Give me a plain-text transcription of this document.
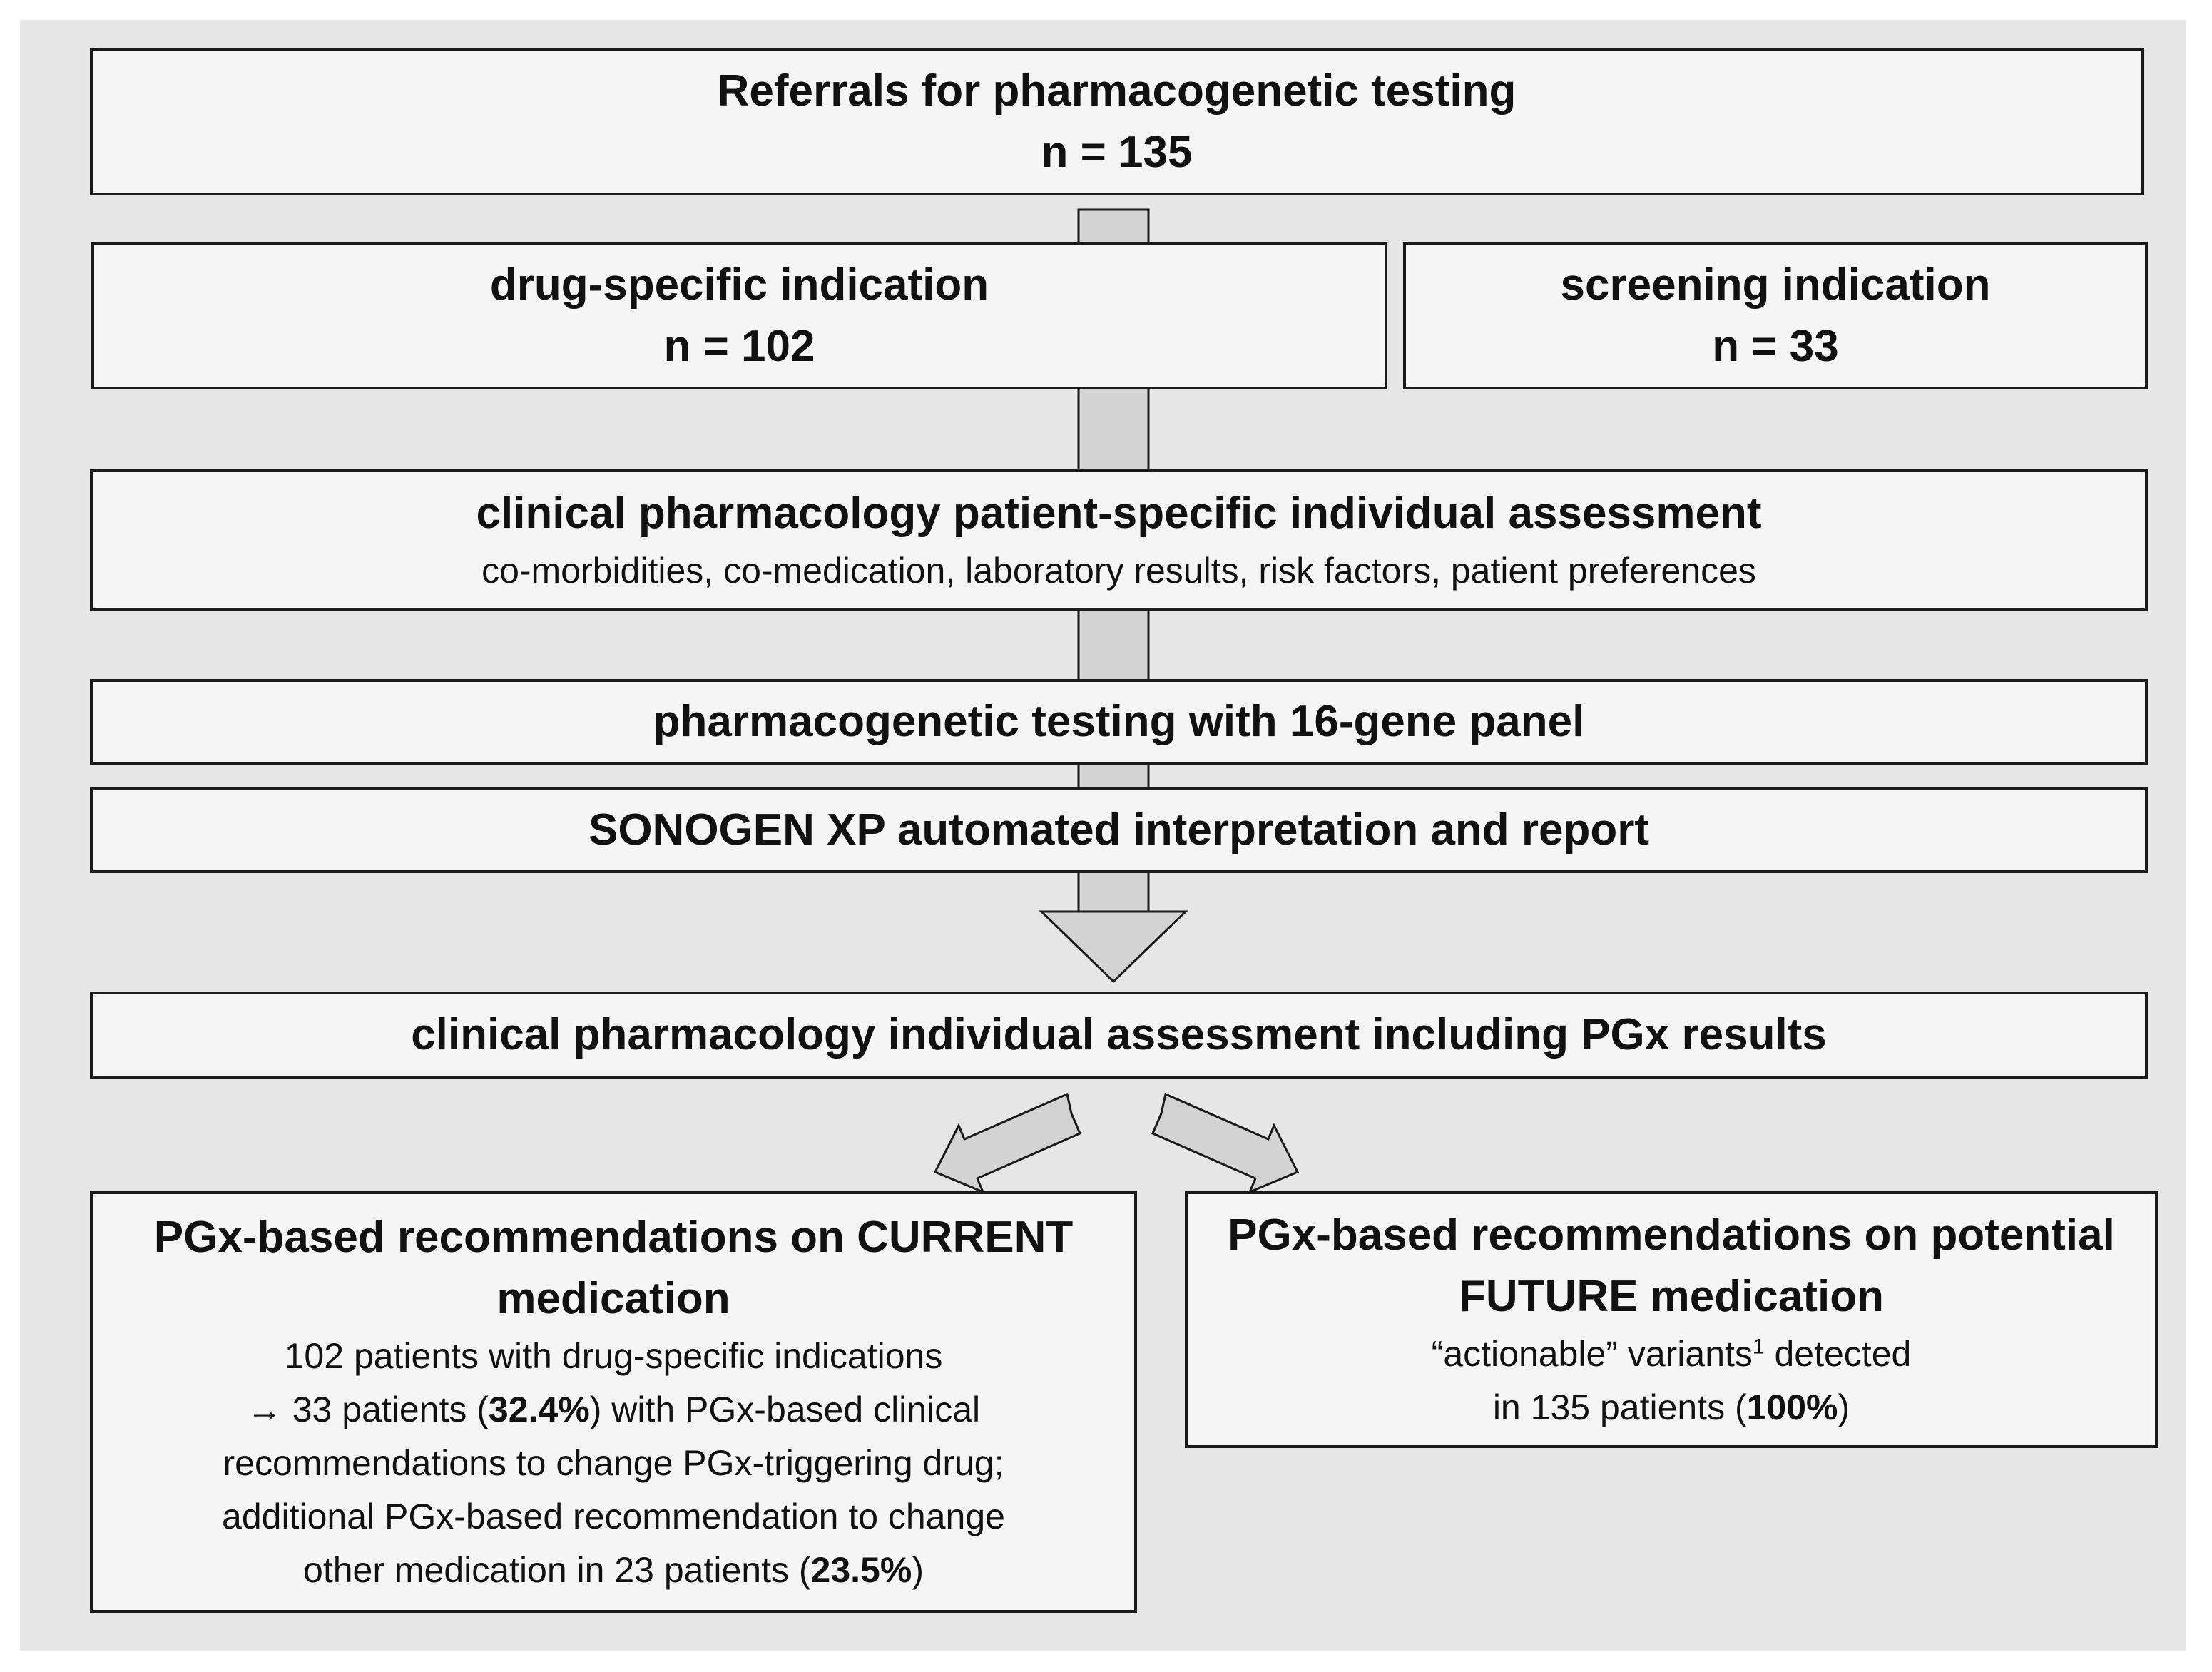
Referrals for pharmacogenetic testing
n = 135
drug-specific indication
n = 102
screening indication
n = 33
clinical pharmacology patient-specific individual assessment
co-morbidities, co-medication, laboratory results, risk factors, patient preferences
pharmacogenetic testing with 16-gene panel
SONOGEN XP automated interpretation and report
clinical pharmacology individual assessment including PGx results
PGx-based recommendations on CURRENT
medication
102 patients with drug-specific indications
→ 33 patients (32.4%) with PGx-based clinical
recommendations to change PGx-triggering drug;
additional PGx-based recommendation to change
other medication in 23 patients (23.5%)
PGx-based recommendations on potential
FUTURE medication
“actionable” variants$^1$ detected
in 135 patients (100%)
